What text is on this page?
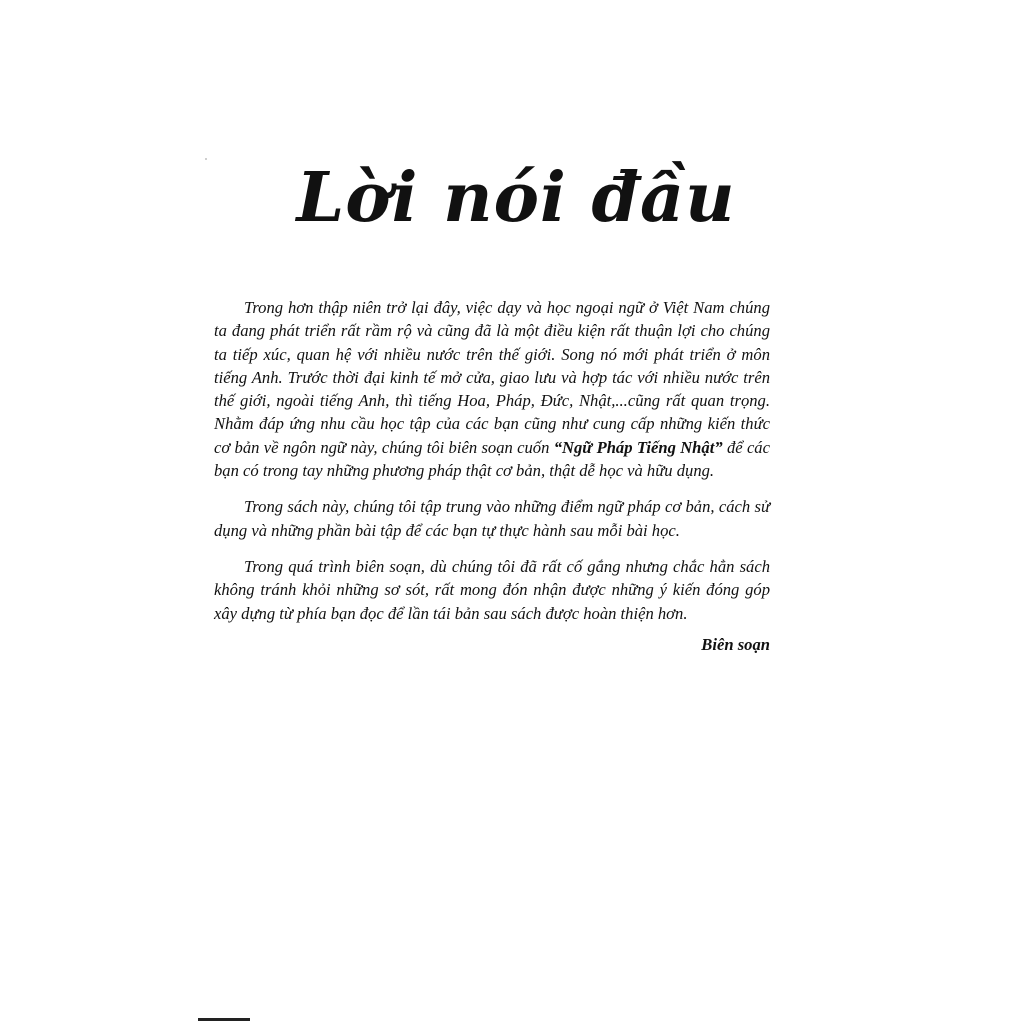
Lời nói đầu

Trong hơn thập niên trở lại đây, việc dạy và học ngoại ngữ ở Việt Nam chúng ta đang phát triển rất rầm rộ và cũng đã là một điều kiện rất thuận lợi cho chúng ta tiếp xúc, quan hệ với nhiều nước trên thế giới. Song nó mới phát triển ở môn tiếng Anh. Trước thời đại kinh tế mở cửa, giao lưu và hợp tác với nhiều nước trên thế giới, ngoài tiếng Anh, thì tiếng Hoa, Pháp, Đức, Nhật,...cũng rất quan trọng. Nhằm đáp ứng nhu cầu học tập của các bạn cũng như cung cấp những kiến thức cơ bản về ngôn ngữ này, chúng tôi biên soạn cuốn “Ngữ Pháp Tiếng Nhật” để các bạn có trong tay những phương pháp thật cơ bản, thật dễ học và hữu dụng.

Trong sách này, chúng tôi tập trung vào những điểm ngữ pháp cơ bản, cách sử dụng và những phần bài tập để các bạn tự thực hành sau mỗi bài học.

Trong quá trình biên soạn, dù chúng tôi đã rất cố gắng nhưng chắc hẳn sách không tránh khỏi những sơ sót, rất mong đón nhận được những ý kiến đóng góp xây dựng từ phía bạn đọc để lần tái bản sau sách được hoàn thiện hơn.

Biên soạn
